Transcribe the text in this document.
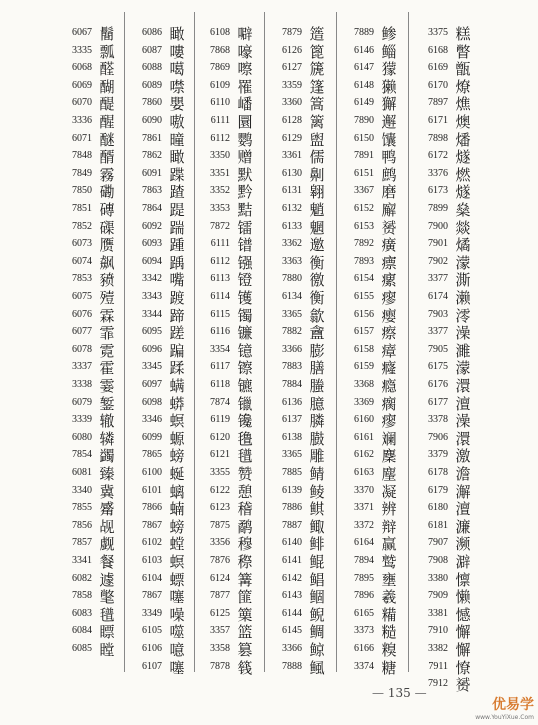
6067 鬝
3335 瓢
6068 醛
6069 醐
6070 醍
3336 醒
6071 醚
7848 醑
7849 霧
7850 磡
7851 磚
7852 磲
6073 赝
6074 飙
7853 豮
6075 殪
6076 霖
6077 霏
6078 霓
3337 霍
3338 霎
6079 錾
3339 辙
6080 辚
7854 蠲
6081 臻
3340 冀
7855 觱
7856 觇
7857 觑
3341 餐
6082 遽
7858 氅
6083 氆
6084 瞟
6085 瞠
6086 瞰
6087 嘍
6088 噶
6089 噤
7860 嬰
6090 嗷
7861 曈
7862 瞰
6091 蹀
7863 蹅
7864 踶
6092 踹
6093 踵
6094 踽
3342 嘴
3343 踱
3344 蹄
6095 蹉
6096 蹁
3345 蹂
6097 螨
6098 蟒
3346 螟
6099 螈
7865 螃
6100 蜒
6101 螭
7866 蝻
7867 螃
6102 螳
6103 螟
6104 螵
7867 噻
3349 噪
6105 噬
6106 噫
6107 噻
6108 噼
7868 嚎
7869 嚓
6109 罹
6110 嶓
6111 圜
6112 鹦
3350 赠
3351 默
3352 黔
3353 黠
7872 镭
6111 镨
6112 镪
6113 镫
6114 镬
6115 镯
6116 镰
3354 镱
6117 镲
6118 镳
7874 镴
6119 镵
6120 氇
6121 氆
3355 赞
6122 憩
6123 稽
7875 鹬
3356 穆
7876 穄
6124 篝
7877 篚
6125 篥
3357 篮
3358 篡
7878 篯
7879 簉
6126 篦
6127 篪
3359 篷
3360 篙
6128 篱
6129 盥
3361 儒
6130 劓
6131 翱
6132 魈
6133 魍
3362 邀
3363 衡
7880 徼
6134 衡
3365 歙
7882 盦
3366 膨
7883 膳
7884 螣
6136 臆
6137 膦
6138 臌
3365 雕
7885 鲭
6139 鲮
7886 鲯
7887 鲰
6140 鲱
6141 鲲
6142 鲳
6143 鲴
6144 鲵
6145 鲷
3366 鲸
7888 鲺
7889 鲹
6146 鲻
6147 獴
6148 獭
6149 獬
7890 邂
6150 馕
7891 鸭
6151 鹧
3367 磨
6152 廨
6153 赟
7892 癀
7893 瘭
6154 瘰
6155 瘳
6156 瘿
6157 瘵
6158 瘴
6159 癃
3368 瘾
3369 瘸
6160 瘳
6161 斓
6162 麇
6163 麈
3370 凝
3371 辨
3372 辩
6164 赢
7894 鹫
7895 壅
7896 羲
6165 糒
3373 糙
6166 糗
3374 糖
3375 糕
6168 瞥
6169 甑
6170 燎
7897 燋
6171 燠
7898 燔
6172 燧
3376 燃
6173 燧
7899 燊
7900 燚
7901 燏
7902 濛
3377 澌
6174 濑
7903 澪
3377 澡
7905 濉
6175 濛
6176 澴
6177 澶
3378 澡
7906 澴
3379 激
6178 澹
6179 澥
6180 澶
6181 濂
7907 濒
7908 澼
3380 懔
7909 懒
3381 憾
7910 懈
3382 懈
7911 憭
7912 赟
— 135 —
优易学
www.YouYiXue.Com
